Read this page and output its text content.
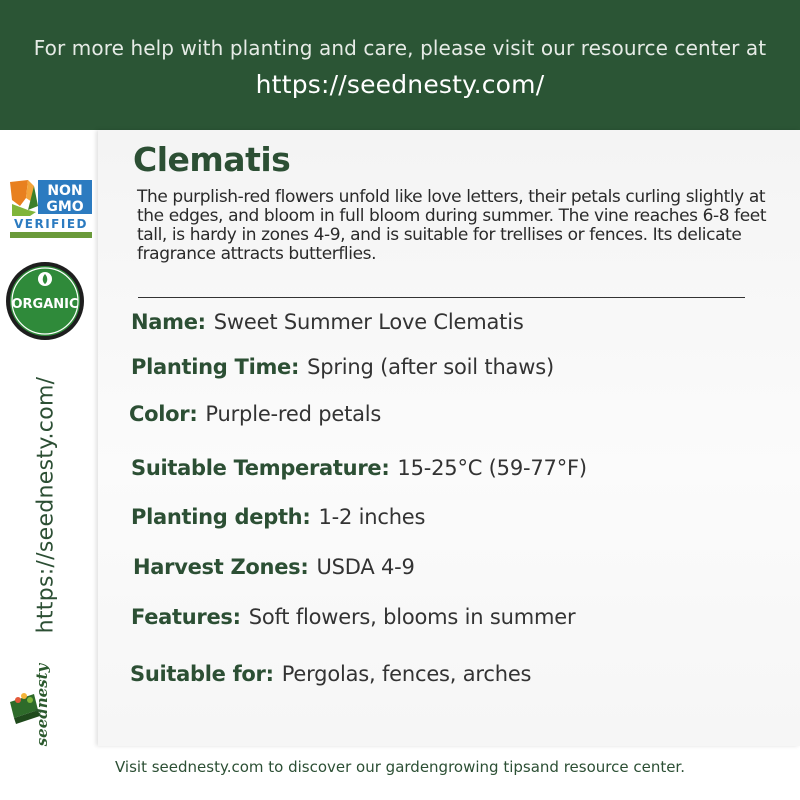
For more help with planting and care, please visit our resource center at
https://seednesty.com/
NON
GMO
VERIFIED
ORGANIC
https://seednesty.com/
seednesty
Clematis
The purplish-red flowers unfold like love letters, their petals curling slightly at the edges, and bloom in full bloom during summer. The vine reaches 6-8 feet tall, is hardy in zones 4-9, and is suitable for trellises or fences. Its delicate fragrance attracts butterflies.
Name: Sweet Summer Love Clematis
Planting Time: Spring (after soil thaws)
Color: Purple-red petals
Suitable Temperature: 15-25°C (59-77°F)
Planting depth: 1-2 inches
Harvest Zones: USDA 4-9
Features: Soft flowers, blooms in summer
Suitable for: Pergolas, fences, arches
Visit seednesty.com to discover our gardengrowing tipsand resource center.
